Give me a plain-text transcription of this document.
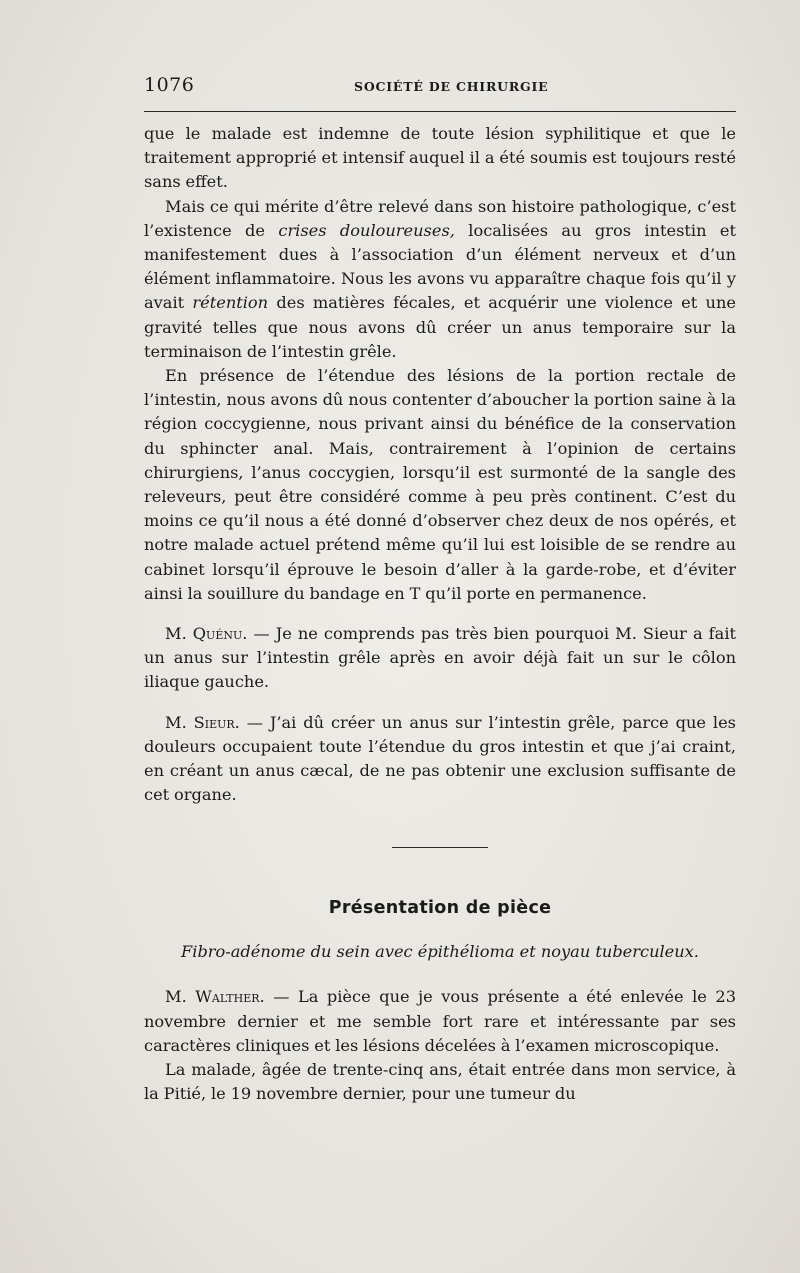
1076	SOCIÉTÉ DE CHIRURGIE

que le malade est indemne de toute lésion syphilitique et que le traitement approprié et intensif auquel il a été soumis est toujours resté sans effet.

Mais ce qui mérite d’être relevé dans son histoire pathologique, c’est l’existence de crises douloureuses, localisées au gros intestin et manifestement dues à l’association d’un élément nerveux et d’un élément inflammatoire. Nous les avons vu apparaître chaque fois qu’il y avait rétention des matières fécales, et acquérir une violence et une gravité telles que nous avons dû créer un anus temporaire sur la terminaison de l’intestin grêle.

En présence de l’étendue des lésions de la portion rectale de l’intestin, nous avons dû nous contenter d’aboucher la portion saine à la région coccygienne, nous privant ainsi du bénéfice de la conservation du sphincter anal. Mais, contrairement à l’opinion de certains chirurgiens, l’anus coccygien, lorsqu’il est surmonté de la sangle des releveurs, peut être considéré comme à peu près continent. C’est du moins ce qu’il nous a été donné d’observer chez deux de nos opérés, et notre malade actuel prétend même qu’il lui est loisible de se rendre au cabinet lorsqu’il éprouve le besoin d’aller à la garde-robe, et d’éviter ainsi la souillure du bandage en T qu’il porte en permanence.

M. Quénu. — Je ne comprends pas très bien pourquoi M. Sieur a fait un anus sur l’intestin grêle après en avoir déjà fait un sur le côlon iliaque gauche.

M. Sieur. — J’ai dû créer un anus sur l’intestin grêle, parce que les douleurs occupaient toute l’étendue du gros intestin et que j’ai craint, en créant un anus cæcal, de ne pas obtenir une exclusion suffisante de cet organe.

Présentation de pièce
Fibro-adénome du sein avec épithélioma et noyau tuberculeux.

M. Walther. — La pièce que je vous présente a été enlevée le 23 novembre dernier et me semble fort rare et intéressante par ses caractères cliniques et les lésions décelées à l’examen microscopique.

La malade, âgée de trente-cinq ans, était entrée dans mon service, à la Pitié, le 19 novembre dernier, pour une tumeur du
